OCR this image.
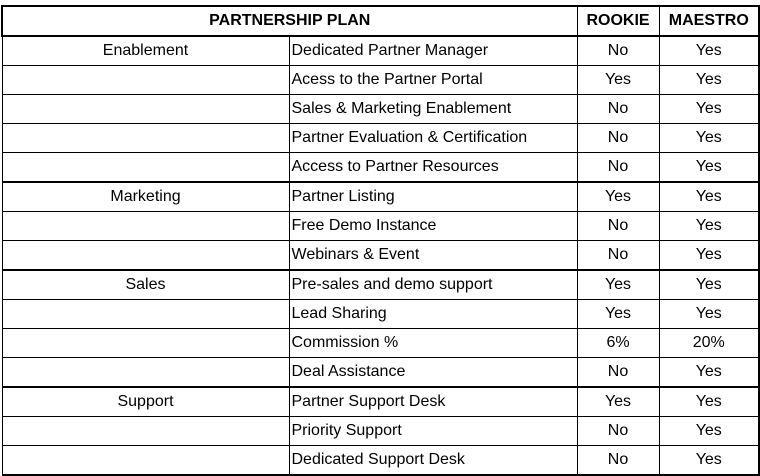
PARTNERSHIP PLAN		ROOKIE	MAESTRO
Enablement	Dedicated Partner Manager	No	Yes
	Acess to the Partner Portal	Yes	Yes
	Sales & Marketing Enablement	No	Yes
	Partner Evaluation & Certification	No	Yes
	Access to Partner Resources	No	Yes
Marketing	Partner Listing	Yes	Yes
	Free Demo Instance	No	Yes
	Webinars & Event	No	Yes
Sales	Pre-sales and demo support	Yes	Yes
	Lead Sharing	Yes	Yes
	Commission %	6%	20%
	Deal Assistance	No	Yes
Support	Partner Support Desk	Yes	Yes
	Priority Support	No	Yes
	Dedicated Support Desk	No	Yes
